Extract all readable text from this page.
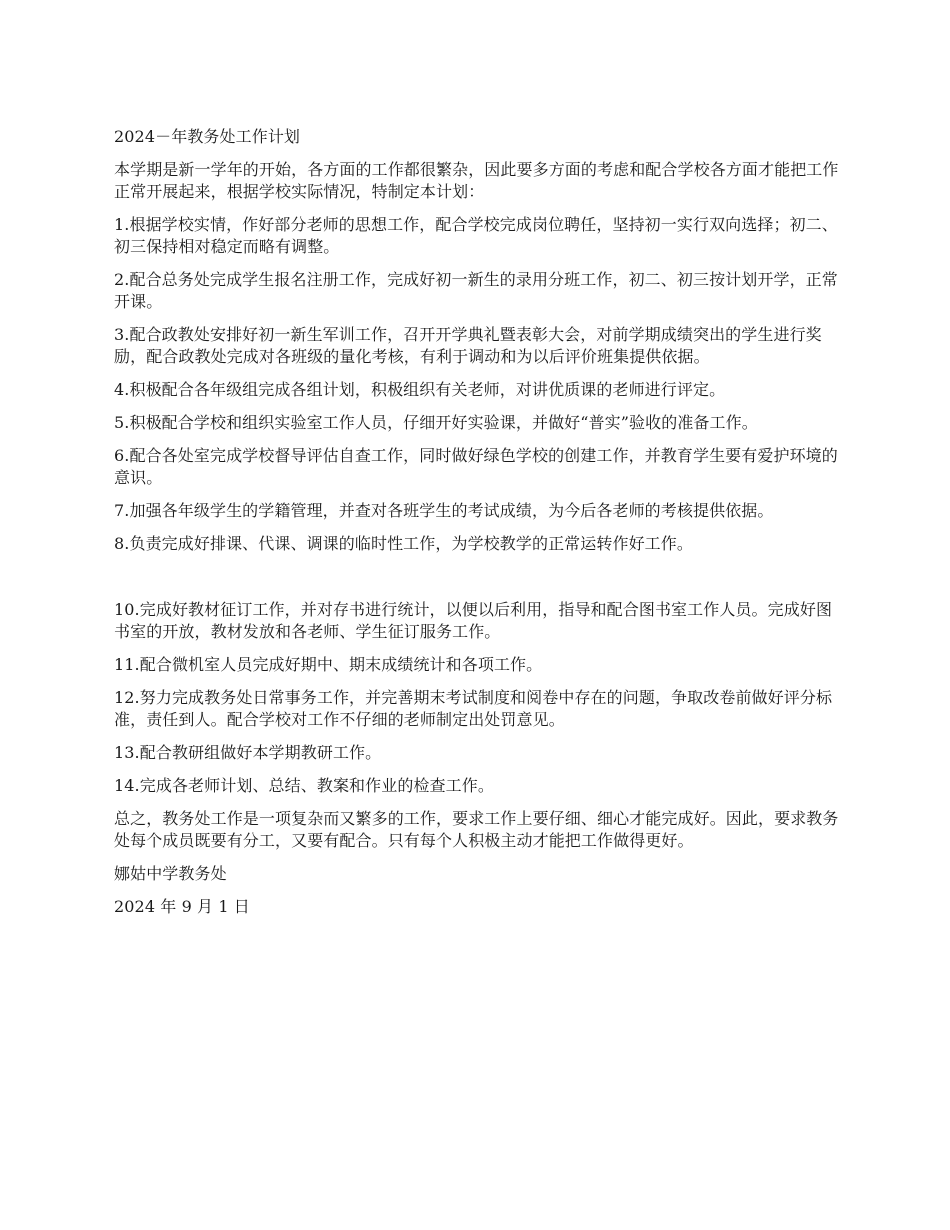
2024－年教务处工作计划

本学期是新一学年的开始，各方面的工作都很繁杂，因此要多方面的考虑和配合学校各方面才能把工作正常开展起来，根据学校实际情况，特制定本计划：

1.根据学校实情，作好部分老师的思想工作，配合学校完成岗位聘任，坚持初一实行双向选择；初二、初三保持相对稳定而略有调整。

2.配合总务处完成学生报名注册工作，完成好初一新生的录用分班工作，初二、初三按计划开学，正常开课。

3.配合政教处安排好初一新生军训工作，召开开学典礼暨表彰大会，对前学期成绩突出的学生进行奖励，配合政教处完成对各班级的量化考核，有利于调动和为以后评价班集提供依据。

4.积极配合各年级组完成各组计划，积极组织有关老师，对讲优质课的老师进行评定。

5.积极配合学校和组织实验室工作人员，仔细开好实验课，并做好“普实”验收的准备工作。

6.配合各处室完成学校督导评估自查工作，同时做好绿色学校的创建工作，并教育学生要有爱护环境的意识。

7.加强各年级学生的学籍管理，并查对各班学生的考试成绩，为今后各老师的考核提供依据。

8.负责完成好排课、代课、调课的临时性工作，为学校教学的正常运转作好工作。

10.完成好教材征订工作，并对存书进行统计，以便以后利用，指导和配合图书室工作人员。完成好图书室的开放，教材发放和各老师、学生征订服务工作。

11.配合微机室人员完成好期中、期末成绩统计和各项工作。

12.努力完成教务处日常事务工作，并完善期末考试制度和阅卷中存在的问题，争取改卷前做好评分标准，责任到人。配合学校对工作不仔细的老师制定出处罚意见。

13.配合教研组做好本学期教研工作。

14.完成各老师计划、总结、教案和作业的检查工作。

总之，教务处工作是一项复杂而又繁多的工作，要求工作上要仔细、细心才能完成好。因此，要求教务处每个成员既要有分工，又要有配合。只有每个人积极主动才能把工作做得更好。

娜姑中学教务处

2024 年 9 月 1 日
